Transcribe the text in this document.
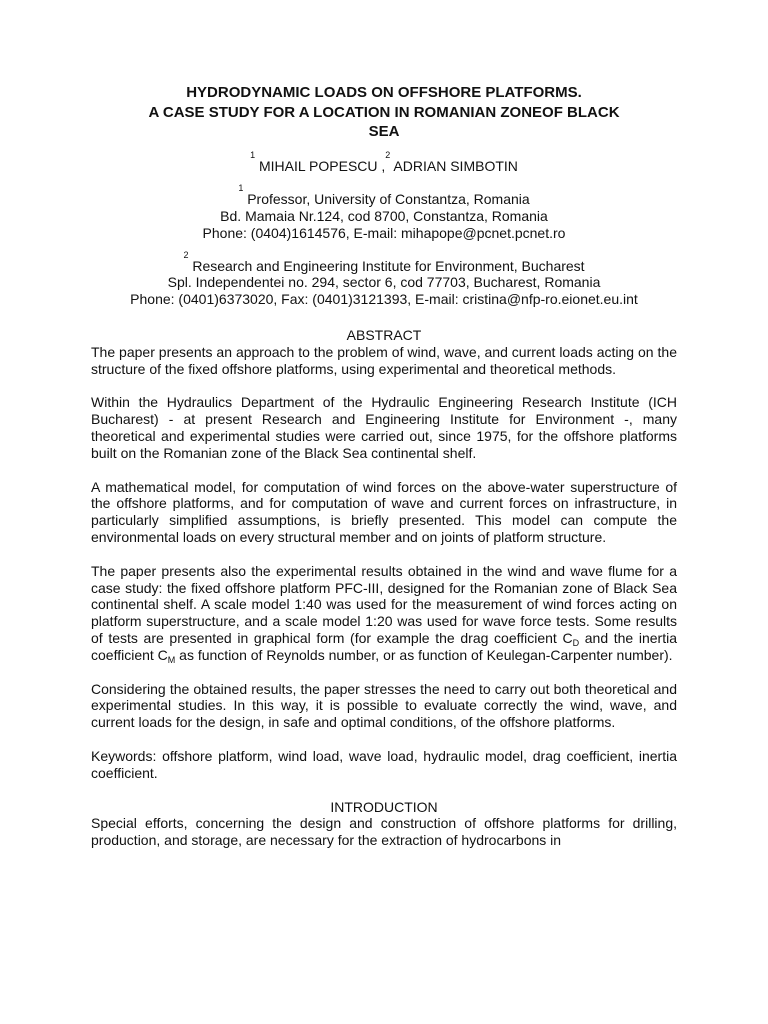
HYDRODYNAMIC LOADS ON OFFSHORE PLATFORMS.
A CASE STUDY FOR A LOCATION IN ROMANIAN ZONEOF BLACK
SEA
$^1$ MIHAIL POPESCU ,$^2$ ADRIAN SIMBOTIN
$^1$ Professor, University of Constantza, Romania
Bd. Mamaia Nr.124, cod 8700, Constantza, Romania
Phone: (0404)1614576, E-mail: mihapope@pcnet.pcnet.ro
$^2$ Research and Engineering Institute for Environment, Bucharest
Spl. Independentei no. 294, sector 6, cod 77703, Bucharest, Romania
Phone: (0401)6373020, Fax: (0401)3121393, E-mail: cristina@nfp-ro.eionet.eu.int
ABSTRACT

The paper presents an approach to the problem of wind, wave, and current loads acting on the structure of the fixed offshore platforms, using experimental and theoretical methods.

Within the Hydraulics Department of the Hydraulic Engineering Research Institute (ICH Bucharest) - at present Research and Engineering Institute for Environment -, many theoretical and experimental studies were carried out, since 1975, for the offshore platforms built on the Romanian zone of the Black Sea continental shelf.

A mathematical model, for computation of wind forces on the above-water superstructure of the offshore platforms, and for computation of wave and current forces on infrastructure, in particularly simplified assumptions, is briefly presented. This model can compute the environmental loads on every structural member and on joints of platform structure.

The paper presents also the experimental results obtained in the wind and wave flume for a case study: the fixed offshore platform PFC-III, designed for the Romanian zone of Black Sea continental shelf. A scale model 1:40 was used for the measurement of wind forces acting on platform superstructure, and a scale model 1:20 was used for wave force tests. Some results of tests are presented in graphical form (for example the drag coefficient $C_D$ and the inertia coefficient $C_M$ as function of Reynolds number, or as function of Keulegan-Carpenter number).

Considering the obtained results, the paper stresses the need to carry out both theoretical and experimental studies. In this way, it is possible to evaluate correctly the wind, wave, and current loads for the design, in safe and optimal conditions, of the offshore platforms.

Keywords: offshore platform, wind load, wave load, hydraulic model, drag coefficient, inertia coefficient.

INTRODUCTION

Special efforts, concerning the design and construction of offshore platforms for drilling, production, and storage, are necessary for the extraction of hydrocarbons in
